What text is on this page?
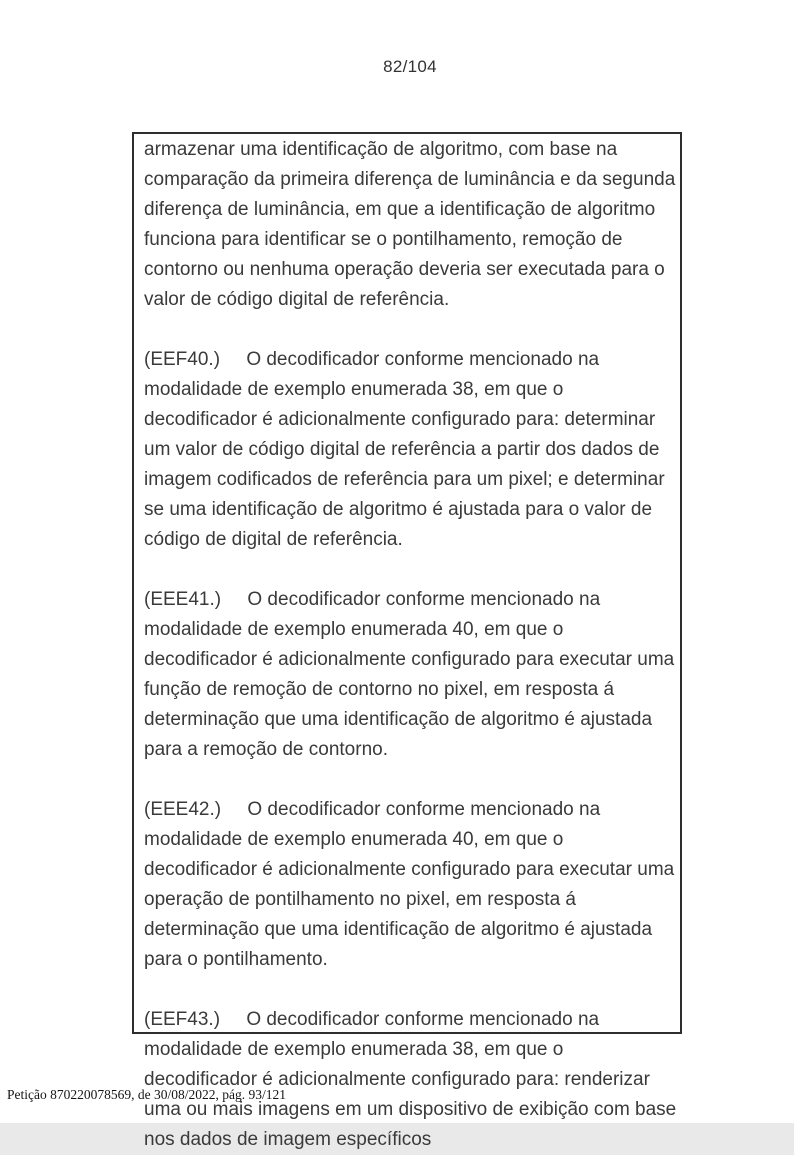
82/104

armazenar uma identificação de algoritmo, com base na comparação da primeira diferença de luminância e da segunda diferença de luminância, em que a identificação de algoritmo funciona para identificar se o pontilhamento, remoção de contorno ou nenhuma operação deveria ser executada para o valor de código digital de referência.

(EEF40.) O decodificador conforme mencionado na modalidade de exemplo enumerada 38, em que o decodificador é adicionalmente configurado para: determinar um valor de código digital de referência a partir dos dados de imagem codificados de referência para um pixel; e determinar se uma identificação de algoritmo é ajustada para o valor de código de digital de referência.

(EEE41.) O decodificador conforme mencionado na modalidade de exemplo enumerada 40, em que o decodificador é adicionalmente configurado para executar uma função de remoção de contorno no pixel, em resposta á determinação que uma identificação de algoritmo é ajustada para a remoção de contorno.

(EEE42.) O decodificador conforme mencionado na modalidade de exemplo enumerada 40, em que o decodificador é adicionalmente configurado para executar uma operação de pontilhamento no pixel, em resposta á determinação que uma identificação de algoritmo é ajustada para o pontilhamento.

(EEF43.) O decodificador conforme mencionado na modalidade de exemplo enumerada 38, em que o decodificador é adicionalmente configurado para: renderizar uma ou mais imagens em um dispositivo de exibição com base nos dados de imagem específicos

Petição 870220078569, de 30/08/2022, pág. 93/121
